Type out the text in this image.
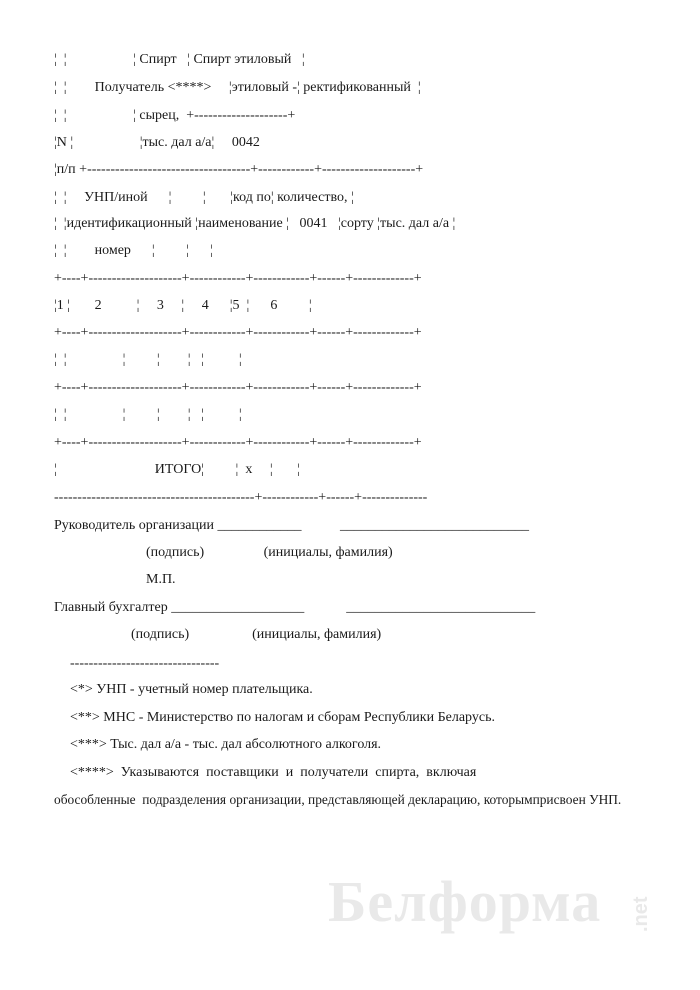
¦  ¦                   ¦ Спирт   ¦ Спирт этиловый   ¦
¦  ¦        Получатель <****>     ¦этиловый -¦ ректификованный  ¦
¦  ¦                   ¦ сырец,  +--------------------+
¦N ¦                   ¦тыс. дал а/а¦     0042
¦п/п +-----------------------------------+------------+--------------------+
¦  ¦     УНП/иной      ¦         ¦       ¦код по¦ количество, ¦
¦  ¦идентификационный ¦наименование ¦   0041   ¦сорту ¦тыс. дал а/а ¦
¦  ¦        номер      ¦         ¦      ¦
+----+--------------------+------------+------------+------+-------------+
¦1 ¦       2          ¦     3     ¦     4      ¦5  ¦      6         ¦
+----+--------------------+------------+------------+------+-------------+
¦  ¦                ¦         ¦        ¦   ¦          ¦
+----+--------------------+------------+------------+------+-------------+
¦  ¦                ¦         ¦        ¦   ¦          ¦
+----+--------------------+------------+------------+------+-------------+
¦                            ИТОГО¦         ¦  х     ¦       ¦
-------------------------------------------+------------+------+--------------
Руководитель организации ____________           ___________________________
(подпись)                 (инициалы, фамилия)
М.П.
Главный бухгалтер ___________________            ___________________________
(подпись)                  (инициалы, фамилия)
--------------------------------
<*> УНП - учетный номер плательщика.
<**> МНС - Министерство по налогам и сборам Республики Беларусь.
<***> Тыс. дал а/а - тыс. дал абсолютного алкоголя.
<****>  Указываются  поставщики  и  получатели  спирта,  включая
обособленные  подразделения организации, представляющей декларацию, которымприсвоен УНП.
Белформа .net
